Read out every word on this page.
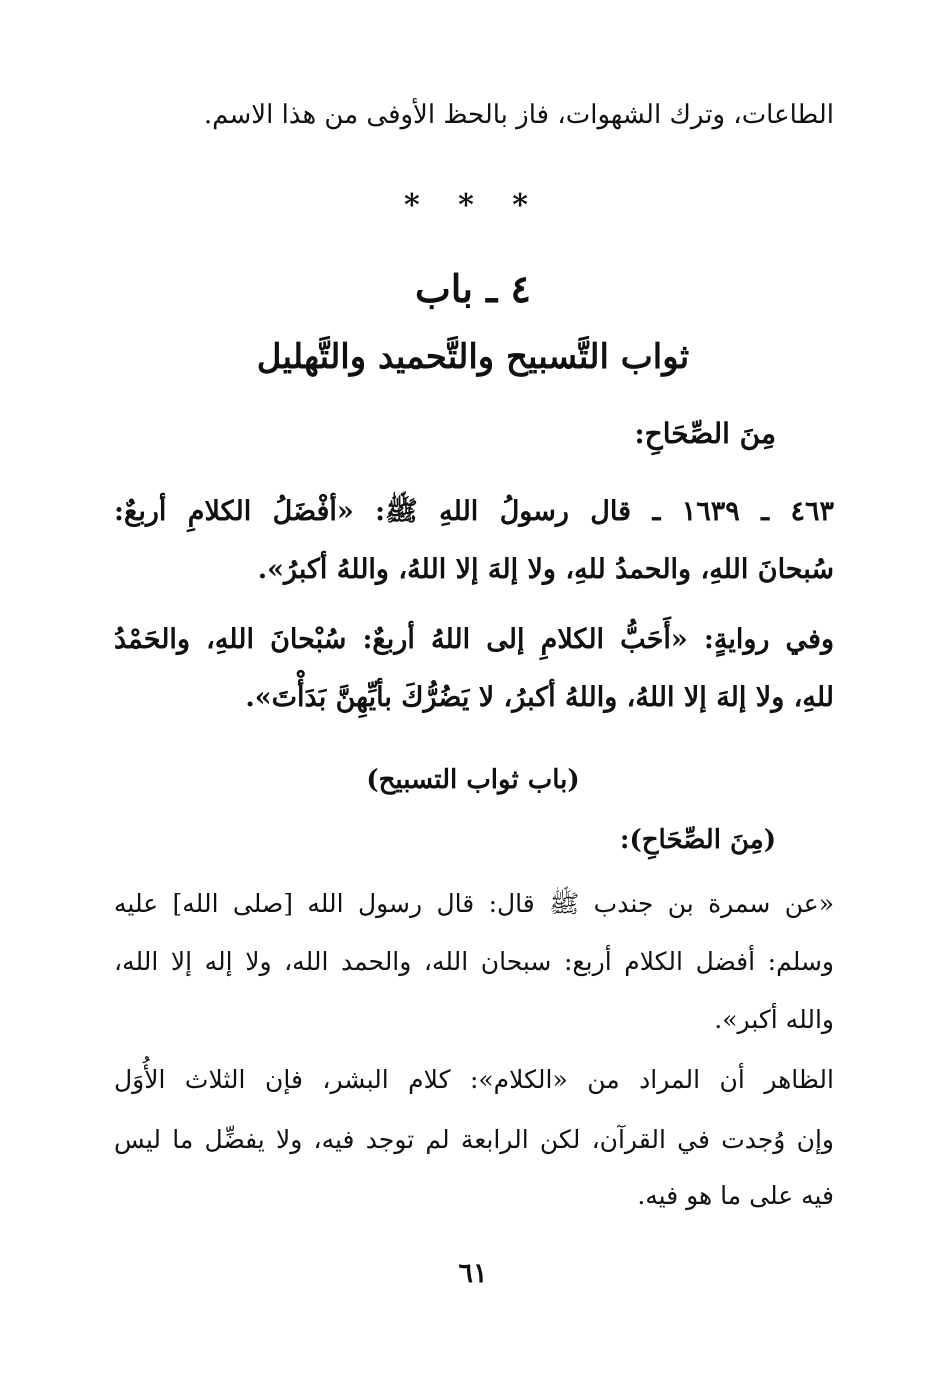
الطاعات، وترك الشهوات، فاز بالحظ الأوفى من هذا الاسم.
* * *
٤ ـ باب
ثواب التَّسبيح والتَّحميد والتَّهليل
مِنَ الصِّحَاحِ:
٤٦٣ ـ ١٦٣٩ ـ قال رسولُ اللهِ ﷺ: «أفْضَلُ الكلامِ أربعٌ:
سُبحانَ اللهِ، والحمدُ للهِ، ولا إلهَ إلا اللهُ، واللهُ أكبرُ».
وفي روايةٍ: «أَحَبُّ الكلامِ إلى اللهُ أربعٌ: سُبْحانَ اللهِ، والحَمْدُ
للهِ، ولا إلهَ إلا اللهُ، واللهُ أكبرُ، لا يَضُرُّكَ بأيِّهِنَّ بَدَأْتَ».
(باب ثواب التسبيح)
(مِنَ الصِّحَاحِ):
«عن سمرة بن جندب ﷺ قال: قال رسول الله [صلى الله] عليه
وسلم: أفضل الكلام أربع: سبحان الله، والحمد الله، ولا إله إلا الله،
والله أكبر».
الظاهر أن المراد من «الكلام»: كلام البشر، فإن الثلاث الأُوَل
وإن وُجدت في القرآن، لكن الرابعة لم توجد فيه، ولا يفضِّل ما ليس
فيه على ما هو فيه.
٦١
